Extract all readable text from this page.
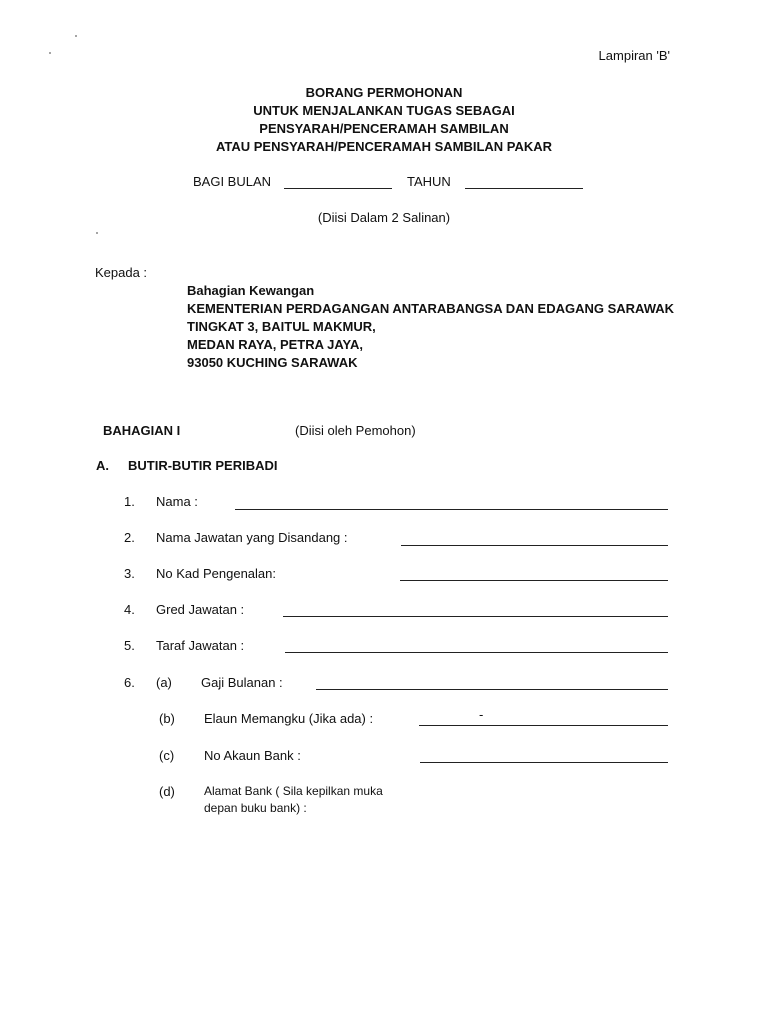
Lampiran 'B'
BORANG PERMOHONAN
UNTUK MENJALANKAN TUGAS SEBAGAI
PENSYARAH/PENCERAMAH SAMBILAN
ATAU PENSYARAH/PENCERAMAH SAMBILAN PAKAR
BAGI BULAN	TAHUN
(Diisi Dalam 2 Salinan)
Kepada :
Bahagian Kewangan
KEMENTERIAN PERDAGANGAN ANTARABANGSA DAN EDAGANG SARAWAK
TINGKAT 3, BAITUL MAKMUR,
MEDAN RAYA, PETRA JAYA,
93050 KUCHING SARAWAK
BAHAGIAN I	(Diisi oleh Pemohon)
A. BUTIR-BUTIR PERIBADI
1. Nama :
2. Nama Jawatan yang Disandang :
3. No Kad Pengenalan:
4. Gred Jawatan :
5. Taraf Jawatan :
6. (a) Gaji Bulanan :
(b) Elaun Memangku (Jika ada) :	-
(c) No Akaun Bank :
(d) Alamat Bank ( Sila kepilkan muka depan buku bank) :
